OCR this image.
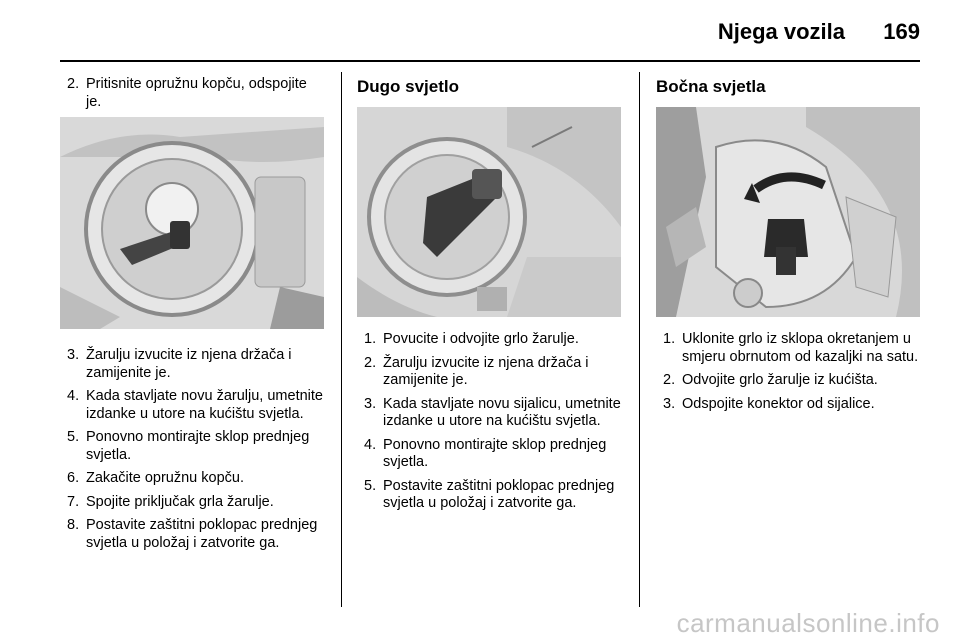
Njega vozila 169
2. Pritisnite opružnu kopču, odspojite je.
3. Žarulju izvucite iz njena držača i zamijenite je.
4. Kada stavljate novu žarulju, umetnite izdanke u utore na kućištu svjetla.
5. Ponovno montirajte sklop prednjeg svjetla.
6. Zakačite opružnu kopču.
7. Spojite priključak grla žarulje.
8. Postavite zaštitni poklopac prednjeg svjetla u položaj i zatvorite ga.
Dugo svjetlo
1. Povucite i odvojite grlo žarulje.
2. Žarulju izvucite iz njena držača i zamijenite je.
3. Kada stavljate novu sijalicu, umetnite izdanke u utore na kućištu svjetla.
4. Ponovno montirajte sklop prednjeg svjetla.
5. Postavite zaštitni poklopac prednjeg svjetla u položaj i zatvorite ga.
Bočna svjetla
1. Uklonite grlo iz sklopa okretanjem u smjeru obrnutom od kazaljki na satu.
2. Odvojite grlo žarulje iz kućišta.
3. Odspojite konektor od sijalice.
carmanualsonline.info
